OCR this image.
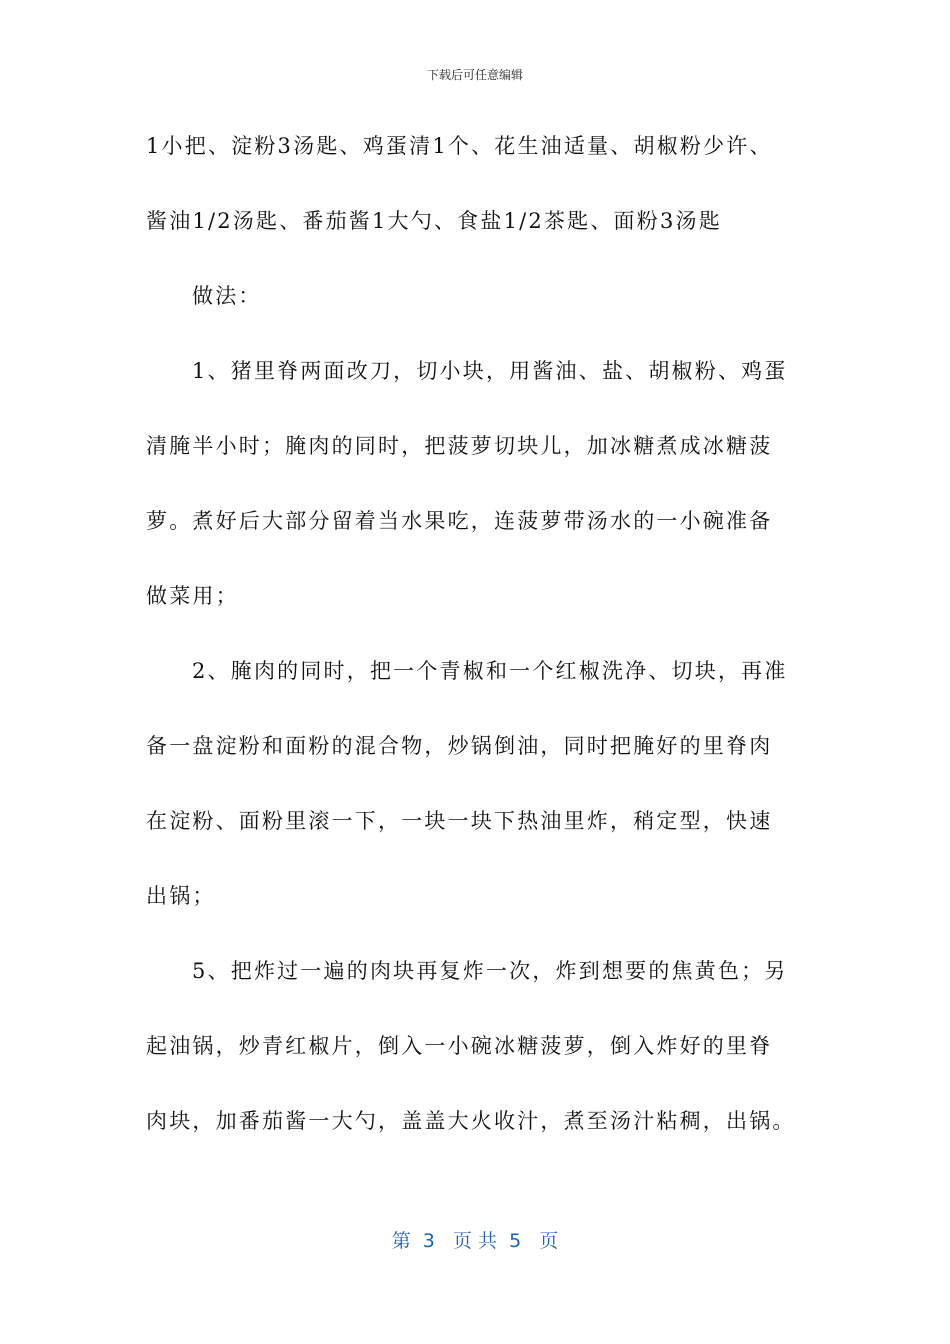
下载后可任意编辑
1小把、淀粉3汤匙、鸡蛋清1个、花生油适量、胡椒粉少许、
酱油1/2汤匙、番茄酱1大勺、食盐1/2茶匙、面粉3汤匙
做法：
1、猪里脊两面改刀，切小块，用酱油、盐、胡椒粉、鸡蛋
清腌半小时；腌肉的同时，把菠萝切块儿，加冰糖煮成冰糖菠
萝。煮好后大部分留着当水果吃，连菠萝带汤水的一小碗准备
做菜用；
2、腌肉的同时，把一个青椒和一个红椒洗净、切块，再准
备一盘淀粉和面粉的混合物，炒锅倒油，同时把腌好的里脊肉
在淀粉、面粉里滚一下，一块一块下热油里炸，稍定型，快速
出锅；
5、把炸过一遍的肉块再复炸一次，炸到想要的焦黄色；另
起油锅，炒青红椒片，倒入一小碗冰糖菠萝，倒入炸好的里脊
肉块，加番茄酱一大勺，盖盖大火收汁，煮至汤汁粘稠，出锅。
第  3   页 共  5   页
